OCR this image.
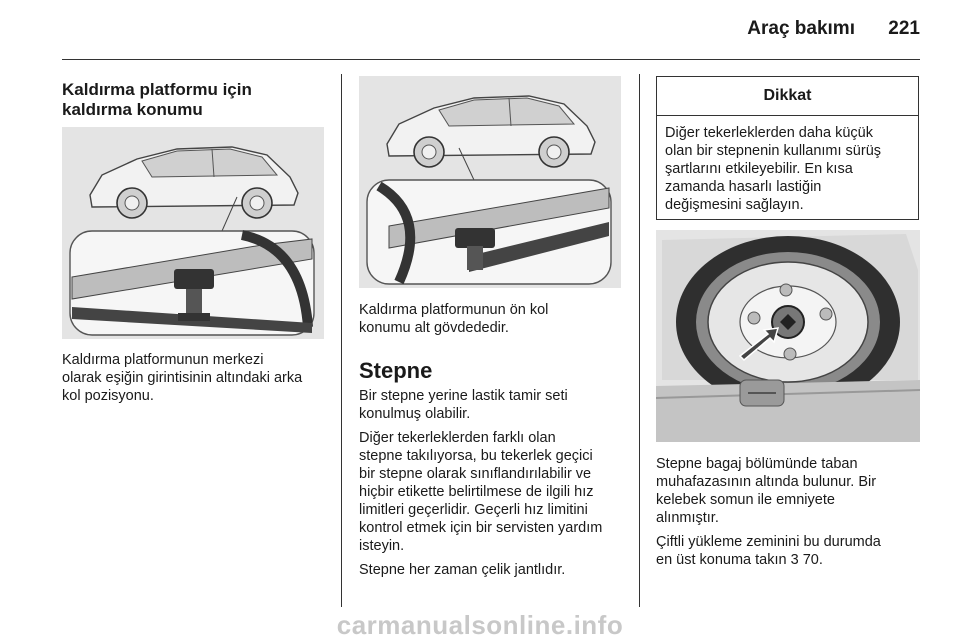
Araç bakımı	221
Kaldırma platformu için
kaldırma konumu
Kaldırma platformunun merkezi
olarak eşiğin girintisinin altındaki arka
kol pozisyonu.
Kaldırma platformunun ön kol
konumu alt gövdededir.
Stepne

Bir stepne yerine lastik tamir seti
konulmuş olabilir.

Diğer tekerleklerden farklı olan
stepne takılıyorsa, bu tekerlek geçici
bir stepne olarak sınıflandırılabilir ve
hiçbir etikette belirtilmese de ilgili hız
limitleri geçerlidir. Geçerli hız limitini
kontrol etmek için bir servisten yardım
isteyin.

Stepne her zaman çelik jantlıdır.

Dikkat
Diğer tekerleklerden daha küçük
olan bir stepnenin kullanımı sürüş
şartlarını etkileyebilir. En kısa
zamanda hasarlı lastiğin
değişmesini sağlayın.

Stepne bagaj bölümünde taban
muhafazasının altında bulunur. Bir
kelebek somun ile emniyete
alınmıştır.

Çiftli yükleme zeminini bu durumda
en üst konuma takın 3 70.

carmanualsonline.info
